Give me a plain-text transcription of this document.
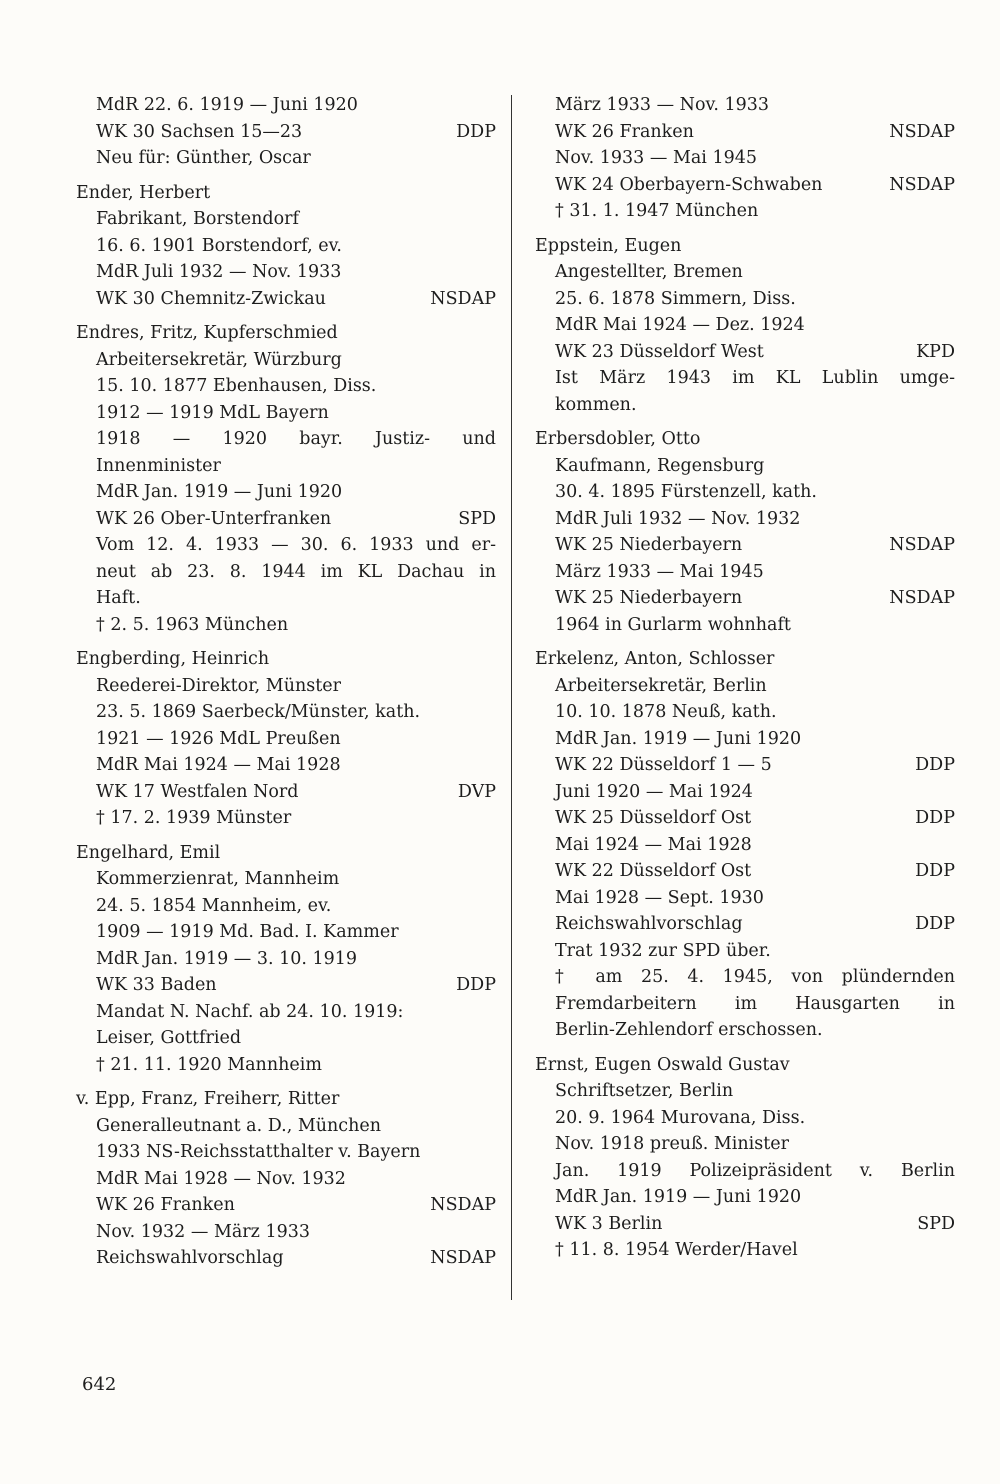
MdR 22. 6. 1919 — Juni 1920
WK 30 Sachsen 15—23	DDP
Neu für: Günther, Oscar
Ender, Herbert
Fabrikant, Borstendorf
16. 6. 1901 Borstendorf, ev.
MdR Juli 1932 — Nov. 1933
WK 30 Chemnitz-Zwickau	NSDAP
Endres, Fritz, Kupferschmied
Arbeitersekretär, Würzburg
15. 10. 1877 Ebenhausen, Diss.
1912 — 1919 MdL Bayern
1918 — 1920 bayr. Justiz- und
Innenminister
MdR Jan. 1919 — Juni 1920
WK 26 Ober-Unterfranken	SPD
Vom 12. 4. 1933 — 30. 6. 1933 und er-
neut ab 23. 8. 1944 im KL Dachau in
Haft.
† 2. 5. 1963 München
Engberding, Heinrich
Reederei-Direktor, Münster
23. 5. 1869 Saerbeck/Münster, kath.
1921 — 1926 MdL Preußen
MdR Mai 1924 — Mai 1928
WK 17 Westfalen Nord	DVP
† 17. 2. 1939 Münster
Engelhard, Emil
Kommerzienrat, Mannheim
24. 5. 1854 Mannheim, ev.
1909 — 1919 Md. Bad. I. Kammer
MdR Jan. 1919 — 3. 10. 1919
WK 33 Baden	DDP
Mandat N. Nachf. ab 24. 10. 1919:
Leiser, Gottfried
† 21. 11. 1920 Mannheim
v. Epp, Franz, Freiherr, Ritter
Generalleutnant a. D., München
1933 NS-Reichsstatthalter v. Bayern
MdR Mai 1928 — Nov. 1932
WK 26 Franken	NSDAP
Nov. 1932 — März 1933
Reichswahlvorschlag	NSDAP
März 1933 — Nov. 1933
WK 26 Franken	NSDAP
Nov. 1933 — Mai 1945
WK 24 Oberbayern-Schwaben	NSDAP
† 31. 1. 1947 München
Eppstein, Eugen
Angestellter, Bremen
25. 6. 1878 Simmern, Diss.
MdR Mai 1924 — Dez. 1924
WK 23 Düsseldorf West	KPD
Ist März 1943 im KL Lublin umge-
kommen.
Erbersdobler, Otto
Kaufmann, Regensburg
30. 4. 1895 Fürstenzell, kath.
MdR Juli 1932 — Nov. 1932
WK 25 Niederbayern	NSDAP
März 1933 — Mai 1945
WK 25 Niederbayern	NSDAP
1964 in Gurlarm wohnhaft
Erkelenz, Anton, Schlosser
Arbeitersekretär, Berlin
10. 10. 1878 Neuß, kath.
MdR Jan. 1919 — Juni 1920
WK 22 Düsseldorf 1 — 5	DDP
Juni 1920 — Mai 1924
WK 25 Düsseldorf Ost	DDP
Mai 1924 — Mai 1928
WK 22 Düsseldorf Ost	DDP
Mai 1928 — Sept. 1930
Reichswahlvorschlag	DDP
Trat 1932 zur SPD über.
† am 25. 4. 1945, von plündernden
Fremdarbeitern im Hausgarten in
Berlin-Zehlendorf erschossen.
Ernst, Eugen Oswald Gustav
Schriftsetzer, Berlin
20. 9. 1964 Murovana, Diss.
Nov. 1918 preuß. Minister
Jan. 1919 Polizeipräsident v. Berlin
MdR Jan. 1919 — Juni 1920
WK 3 Berlin	SPD
† 11. 8. 1954 Werder/Havel
642
